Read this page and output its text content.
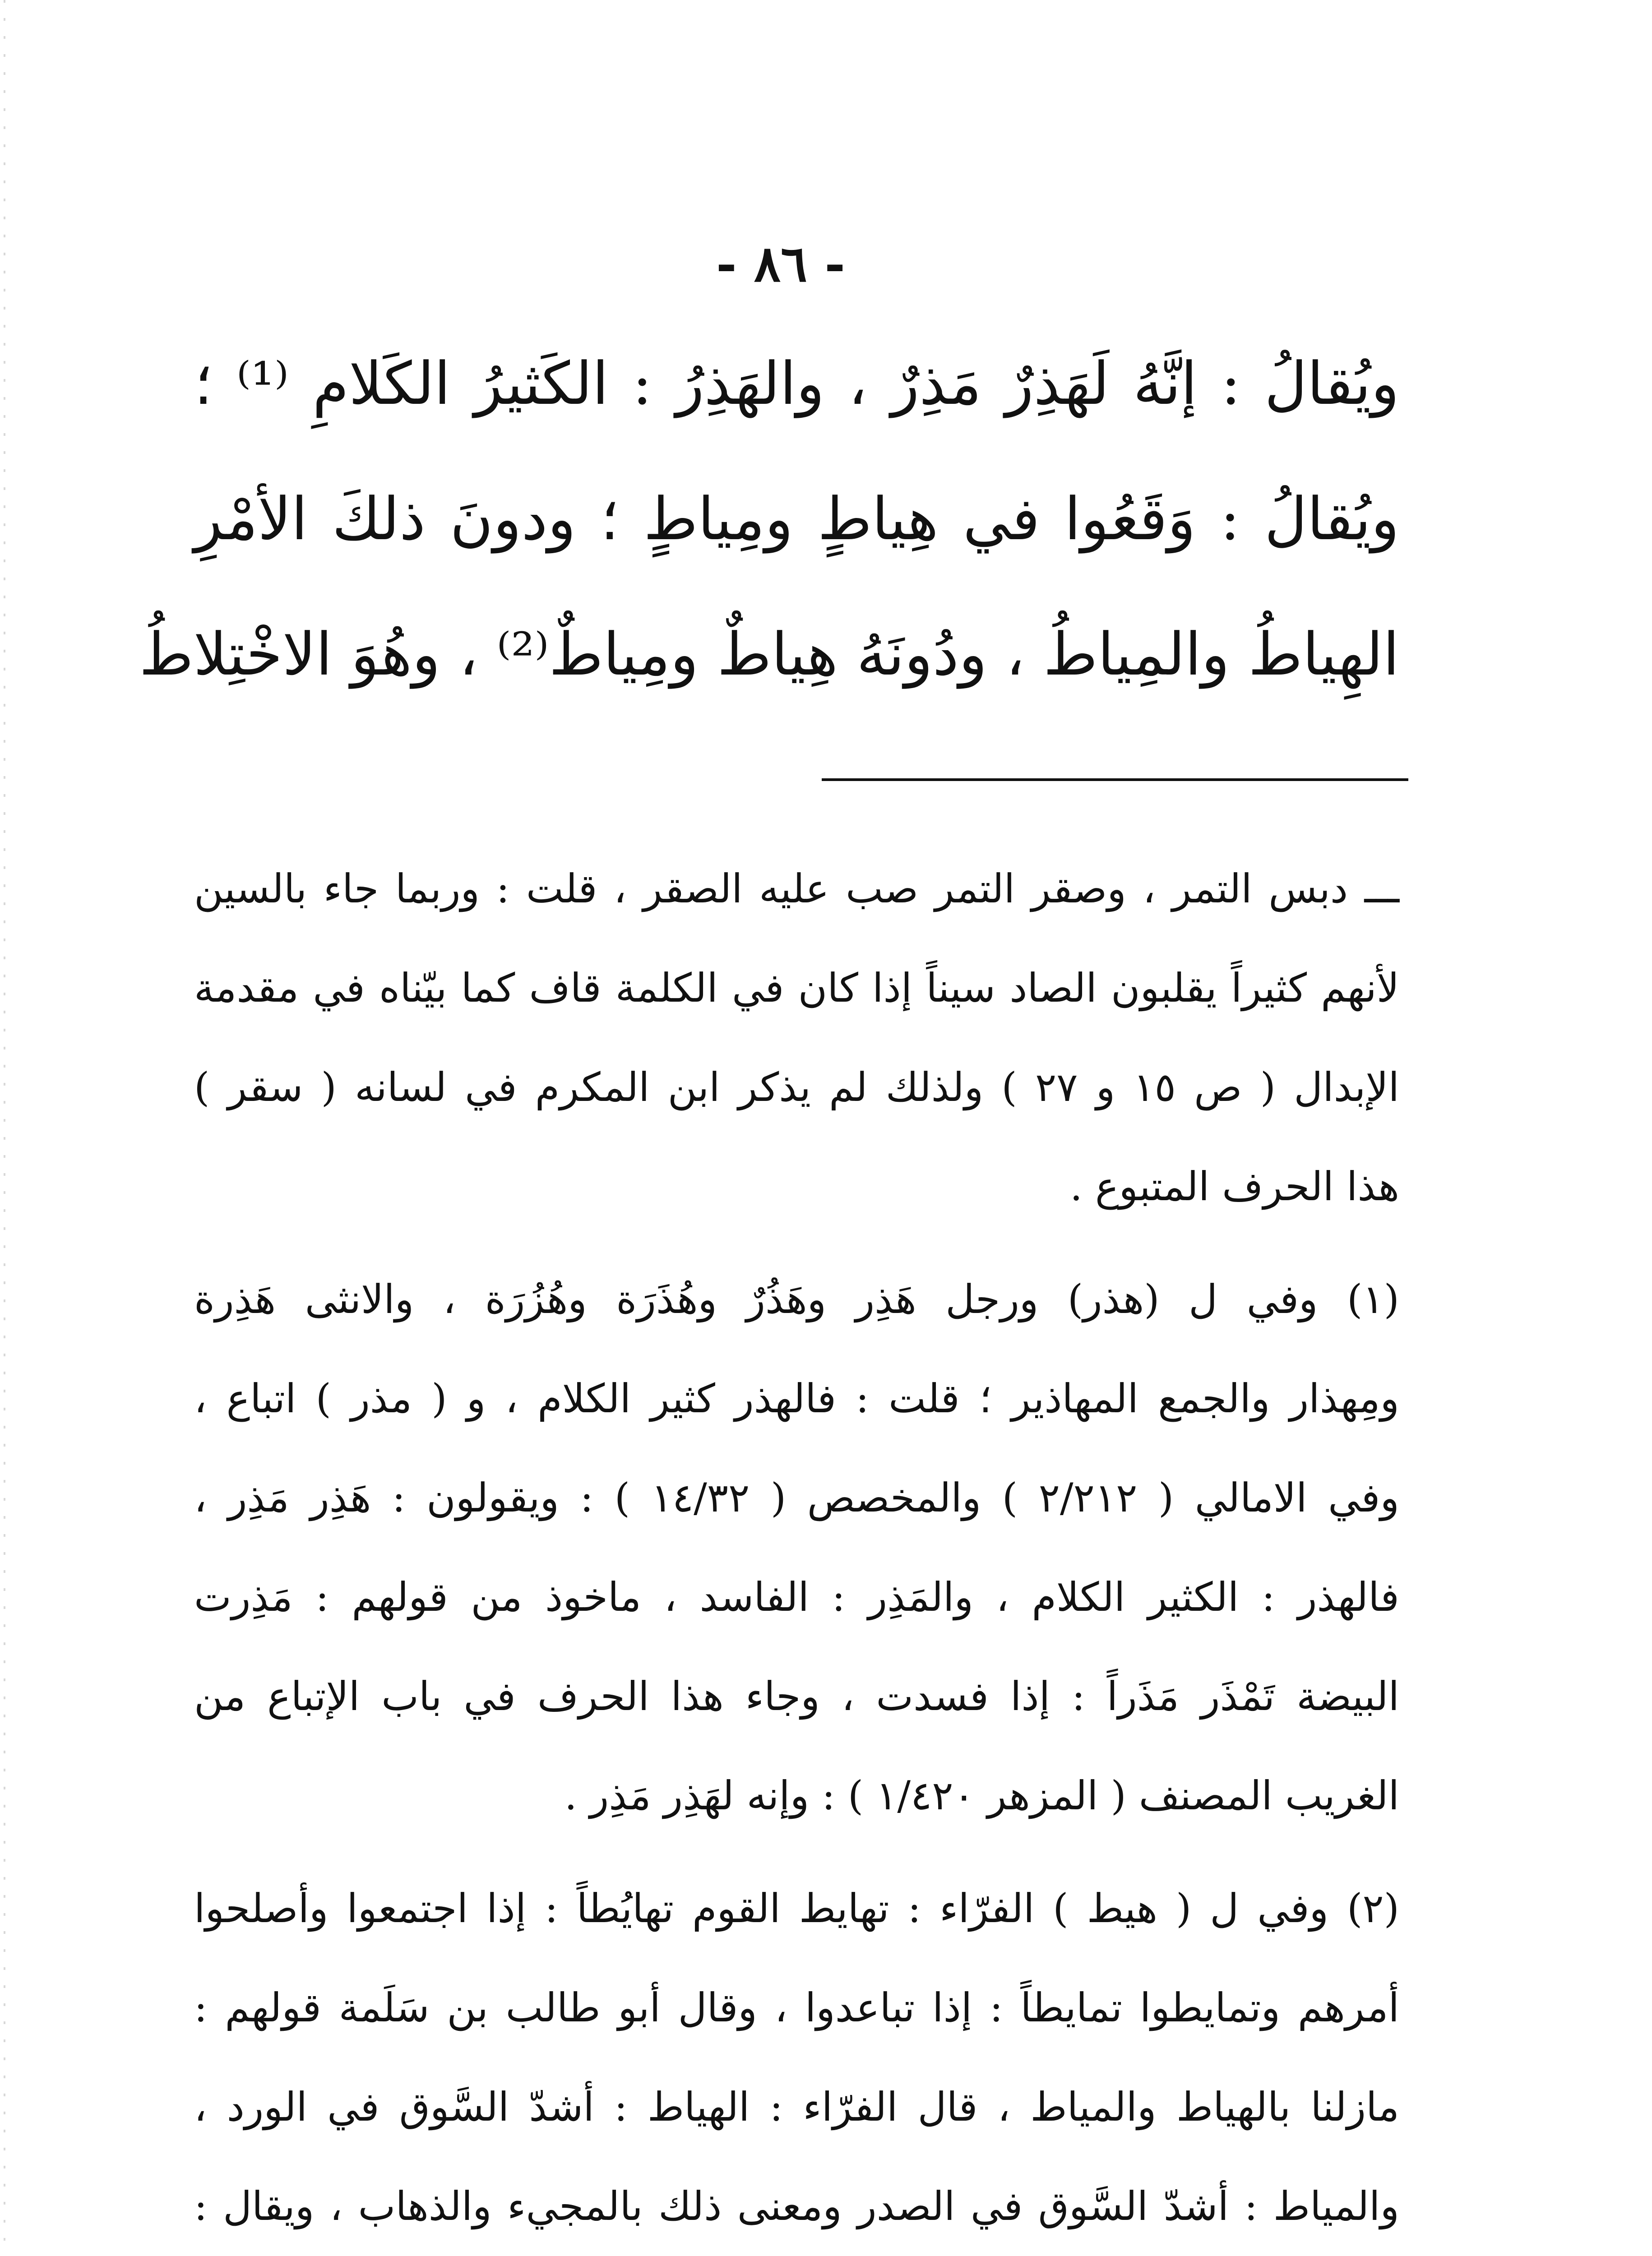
- ٨٦ -
ويُقالُ : إنَّهُ لَهَذِرٌ مَذِرٌ ، والهَذِرُ : الكَثيرُ الكَلامِ ⁽¹⁾ ؛
ويُقالُ : وَقَعُوا في هِياطٍ ومِياطٍ ؛ ودونَ ذلكَ الأمْرِ
الهِياطُ والمِياطُ ، ودُونَهُ هِياطٌ ومِياطٌ⁽²⁾ ، وهُوَ الاخْتِلاطُ
ـــ دبس التمر ، وصقر التمر صب عليه الصقر ، قلت : وربما جاء بالسين
لأنهم كثيراً يقلبون الصاد سيناً إذا كان في الكلمة قاف كما بيّناه في مقدمة
الإبدال ( ص ١٥ و ٢٧ ) ولذلك لم يذكر ابن المكرم في لسانه ( سقر )
هذا الحرف المتبوع .
(١) وفي ل (هذر) ورجل هَذِر وهَذُرٌ وهُذَرَة وهُزُرَة ، والانثى هَذِرة
ومِهذار والجمع المهاذير ؛ قلت : فالهذر كثير الكلام ، و ( مذر ) اتباع ،
وفي الامالي ( ٢/٢١٢ ) والمخصص ( ١٤/٣٢ ) : ويقولون : هَذِر مَذِر ،
فالهذر : الكثير الكلام ، والمَذِر : الفاسد ، ماخوذ من قولهم : مَذِرت
البيضة تَمْذَر مَذَراً : إذا فسدت ، وجاء هذا الحرف في باب الإتباع من
الغريب المصنف ( المزهر ١/٤٢٠ ) : وإنه لهَذِر مَذِر .
(٢) وفي ل ( هيط ) الفرّاء : تهايط القوم تهايُطاً : إذا اجتمعوا وأصلحوا
أمرهم وتمايطوا تمايطاً : إذا تباعدوا ، وقال أبو طالب بن سَلَمة قولهم :
مازلنا بالهياط والمياط ، قال الفرّاء : الهياط : أشدّ السَّوق في الورد ،
والمياط : أشدّ السَّوق في الصدر ومعنى ذلك بالمجيء والذهاب ، ويقال :
